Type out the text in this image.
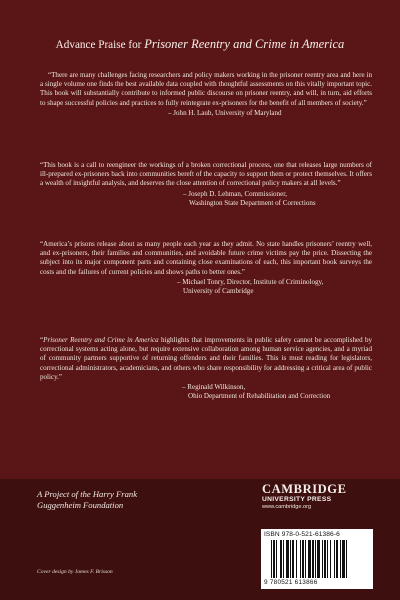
Advance Praise for Prisoner Reentry and Crime in America

“There are many challenges facing researchers and policy makers working in the prisoner reentry area and here in a single volume one finds the best available data coupled with thoughtful assessments on this vitally important topic. This book will substantially contribute to informed public discourse on prisoner reentry, and will, in turn, aid efforts to shape successful policies and practices to fully reintegrate ex-prisoners for the benefit of all members of society.”

– John H. Laub, University of Maryland

“This book is a call to reengineer the workings of a broken correctional process, one that releases large numbers of ill-prepared ex-prisoners back into communities bereft of the capacity to support them or protect themselves. It offers a wealth of insightful analysis, and deserves the close attention of correctional policy makers at all levels.”

– Joseph D. Lehman, Commissioner,
Washington State Department of Corrections

“America’s prisons release about as many people each year as they admit. No state handles prisoners’ reentry well, and ex-prisoners, their families and communities, and avoidable future crime victims pay the price. Dissecting the subject into its major component parts and containing close examinations of each, this important book surveys the costs and the failures of current policies and shows paths to better ones.”

– Michael Tonry, Director, Institute of Criminology,
University of Cambridge

“Prisoner Reentry and Crime in America highlights that improvements in public safety cannot be accomplished by correctional systems acting alone, but require extensive collaboration among human service agencies, and a myriad of community partners supportive of returning offenders and their families. This is must reading for legislators, correctional administrators, academicians, and others who share responsibility for addressing a critical area of public policy.”

– Reginald Wilkinson,
Ohio Department of Rehabilitation and Correction
A Project of the Harry Frank
Guggenheim Foundation
CAMBRIDGE
UNIVERSITY PRESS
www.cambridge.org
ISBN 978-0-521-61386-6
9 780521 613866
Cover design by James F. Brisson
